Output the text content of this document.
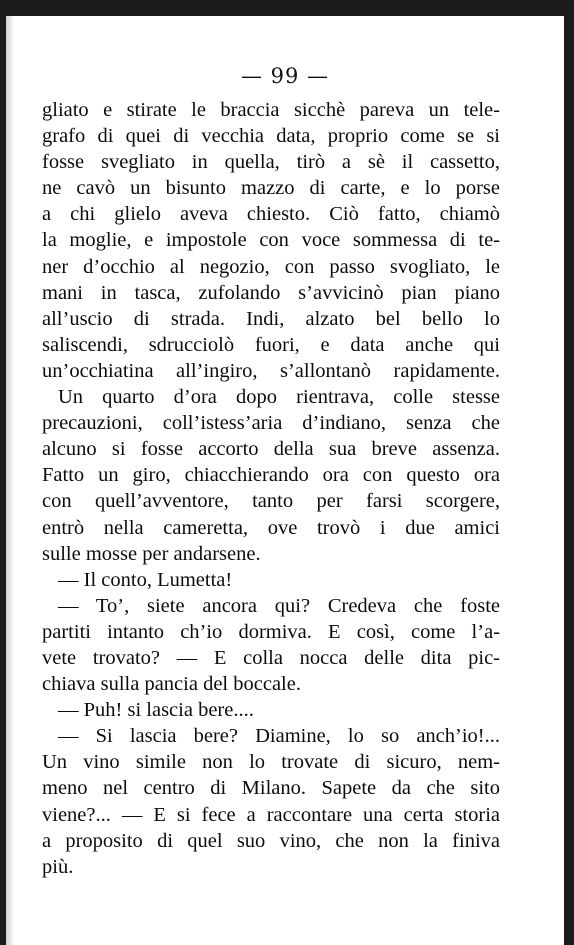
— 99 —
gliato e stirate le braccia sicchè pareva un tele-
grafo di quei di vecchia data, proprio come se si
fosse svegliato in quella, tirò a sè il cassetto,
ne cavò un bisunto mazzo di carte, e lo porse
a chi glielo aveva chiesto. Ciò fatto, chiamò
la moglie, e impostole con voce sommessa di te-
ner d’occhio al negozio, con passo svogliato, le
mani in tasca, zufolando s’avvicinò pian piano
all’uscio di strada. Indi, alzato bel bello lo
saliscendi, sdrucciolò fuori, e data anche qui
un’occhiatina all’ingiro, s’allontanò rapidamente.
Un quarto d’ora dopo rientrava, colle stesse
precauzioni, coll’istess’aria d’indiano, senza che
alcuno si fosse accorto della sua breve assenza.
Fatto un giro, chiacchierando ora con questo ora
con quell’avventore, tanto per farsi scorgere,
entrò nella cameretta, ove trovò i due amici
sulle mosse per andarsene.
— Il conto, Lumetta!
— To’, siete ancora qui? Credeva che foste
partiti intanto ch’io dormiva. E così, come l’a-
vete trovato? — E colla nocca delle dita pic-
chiava sulla pancia del boccale.
— Puh! si lascia bere....
— Si lascia bere? Diamine, lo so anch’io!...
Un vino simile non lo trovate di sicuro, nem-
meno nel centro di Milano. Sapete da che sito
viene?... — E si fece a raccontare una certa storia
a proposito di quel suo vino, che non la finiva
più.
